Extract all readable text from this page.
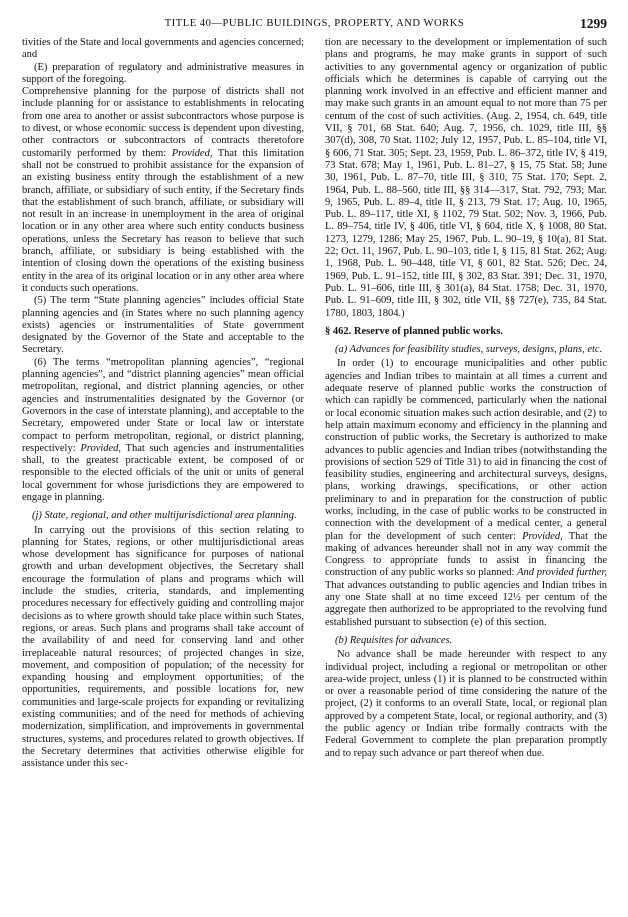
TITLE 40—PUBLIC BUILDINGS, PROPERTY, AND WORKS	1299

tivities of the State and local governments and agencies concerned; and

(E) preparation of regulatory and administrative measures in support of the foregoing.

Comprehensive planning for the purpose of districts shall not include planning for or assistance to establishments in relocating from one area to another or assist subcontractors whose purpose is to divest, or whose economic success is dependent upon divesting, other contractors or subcontractors of contracts theretofore customarily performed by them: Provided, That this limitation shall not be construed to prohibit assistance for the expansion of an existing business entity through the establishment of a new branch, affiliate, or subsidiary of such entity, if the Secretary finds that the establishment of such branch, affiliate, or subsidiary will not result in an increase in unemployment in the area of original location or in any other area where such entity conducts business operations, unless the Secretary has reason to believe that such branch, affiliate, or subsidiary is being established with the intention of closing down the operations of the existing business entity in the area of its original location or in any other area where it conducts such operations.

(5) The term “State planning agencies” includes official State planning agencies and (in States where no such planning agency exists) agencies or instrumentalities of State government designated by the Governor of the State and acceptable to the Secretary.

(6) The terms “metropolitan planning agencies”, “regional planning agencies”, and “district planning agencies” mean official metropolitan, regional, and district planning agencies, or other agencies and instrumentalities designated by the Governor (or Governors in the case of interstate planning), and acceptable to the Secretary, empowered under State or local law or interstate compact to perform metropolitan, regional, or district planning, respectively: Provided, That such agencies and instrumentalities shall, to the greatest practicable extent, be composed of or responsible to the elected officials of the unit or units of general local government for whose jurisdictions they are empowered to engage in planning.

(j) State, regional, and other multijurisdictional area planning.

In carrying out the provisions of this section relating to planning for States, regions, or other multijurisdictional areas whose development has significance for purposes of national growth and urban development objectives, the Secretary shall encourage the formulation of plans and programs which will include the studies, criteria, standards, and implementing procedures necessary for effectively guiding and controlling major decisions as to where growth should take place within such States, regions, or areas. Such plans and programs shall take account of the availability of and need for conserving land and other irreplaceable natural resources; of projected changes in size, movement, and composition of population; of the necessity for expanding housing and employment opportunities; of the opportunities, requirements, and possible locations for, new communities and large-scale projects for expanding or revitalizing existing communities; and of the need for methods of achieving modernization, simplification, and improvements in governmental structures, systems, and procedures related to growth objectives. If the Secretary determines that activities otherwise eligible for assistance under this sec-

tion are necessary to the development or implementation of such plans and programs, he may make grants in support of such activities to any governmental agency or organization of public officials which he determines is capable of carrying out the planning work involved in an effective and efficient manner and may make such grants in an amount equal to not more than 75 per centum of the cost of such activities. (Aug. 2, 1954, ch. 649, title VII, § 701, 68 Stat. 640; Aug. 7, 1956, ch. 1029, title III, §§ 307(d), 308, 70 Stat. 1102; July 12, 1957, Pub. L. 85–104, title VI, § 606, 71 Stat. 305; Sept. 23, 1959, Pub. L. 86–372, title IV, § 419, 73 Stat. 678; May 1, 1961, Pub. L. 81–27, § 15, 75 Stat. 58; June 30, 1961, Pub. L. 87–70, title III, § 310, 75 Stat. 170; Sept. 2, 1964, Pub. L. 88–560, title III, §§ 314—317, Stat. 792, 793; Mar. 9, 1965, Pub. L. 89–4, title II, § 213, 79 Stat. 17; Aug. 10, 1965, Pub. L. 89–117, title XI, § 1102, 79 Stat. 502; Nov. 3, 1966, Pub. L. 89–754, title IV, § 406, title VI, § 604, title X, § 1008, 80 Stat. 1273, 1279, 1286; May 25, 1967, Pub. L. 90–19, § 10(a), 81 Stat. 22; Oct. 11, 1967, Pub. L. 90–103, title I, § 115, 81 Stat. 262; Aug. 1, 1968, Pub. L. 90–448, title VI, § 601, 82 Stat. 526; Dec. 24, 1969, Pub. L. 91–152, title III, § 302, 83 Stat. 391; Dec. 31, 1970, Pub. L. 91–606, title III, § 301(a), 84 Stat. 1758; Dec. 31, 1970, Pub. L. 91–609, title III, § 302, title VII, §§ 727(e), 735, 84 Stat. 1780, 1803, 1804.)

§ 462. Reserve of planned public works.

(a) Advances for feasibility studies, surveys, designs, plans, etc.

In order (1) to encourage municipalities and other public agencies and Indian tribes to maintain at all times a current and adequate reserve of planned public works the construction of which can rapidly be commenced, particularly when the national or local economic situation makes such action desirable, and (2) to help attain maximum economy and efficiency in the planning and construction of public works, the Secretary is authorized to make advances to public agencies and Indian tribes (notwithstanding the provisions of section 529 of Title 31) to aid in financing the cost of feasibility studies, engineering and architectural surveys, designs, plans, working drawings, specifications, or other action preliminary to and in preparation for the construction of public works, including, in the case of public works to be constructed in connection with the development of a medical center, a general plan for the development of such center: Provided, That the making of advances hereunder shall not in any way commit the Congress to appropriate funds to assist in financing the construction of any public works so planned: And provided further, That advances outstanding to public agencies and Indian tribes in any one State shall at no time exceed 12½ per centum of the aggregate then authorized to be appropriated to the revolving fund established pursuant to subsection (e) of this section.

(b) Requisites for advances.

No advance shall be made hereunder with respect to any individual project, including a regional or metropolitan or other area-wide project, unless (1) it is planned to be constructed within or over a reasonable period of time considering the nature of the project, (2) it conforms to an overall State, local, or regional plan approved by a competent State, local, or regional authority, and (3) the public agency or Indian tribe formally contracts with the Federal Government to complete the plan preparation promptly and to repay such advance or part thereof when due.
